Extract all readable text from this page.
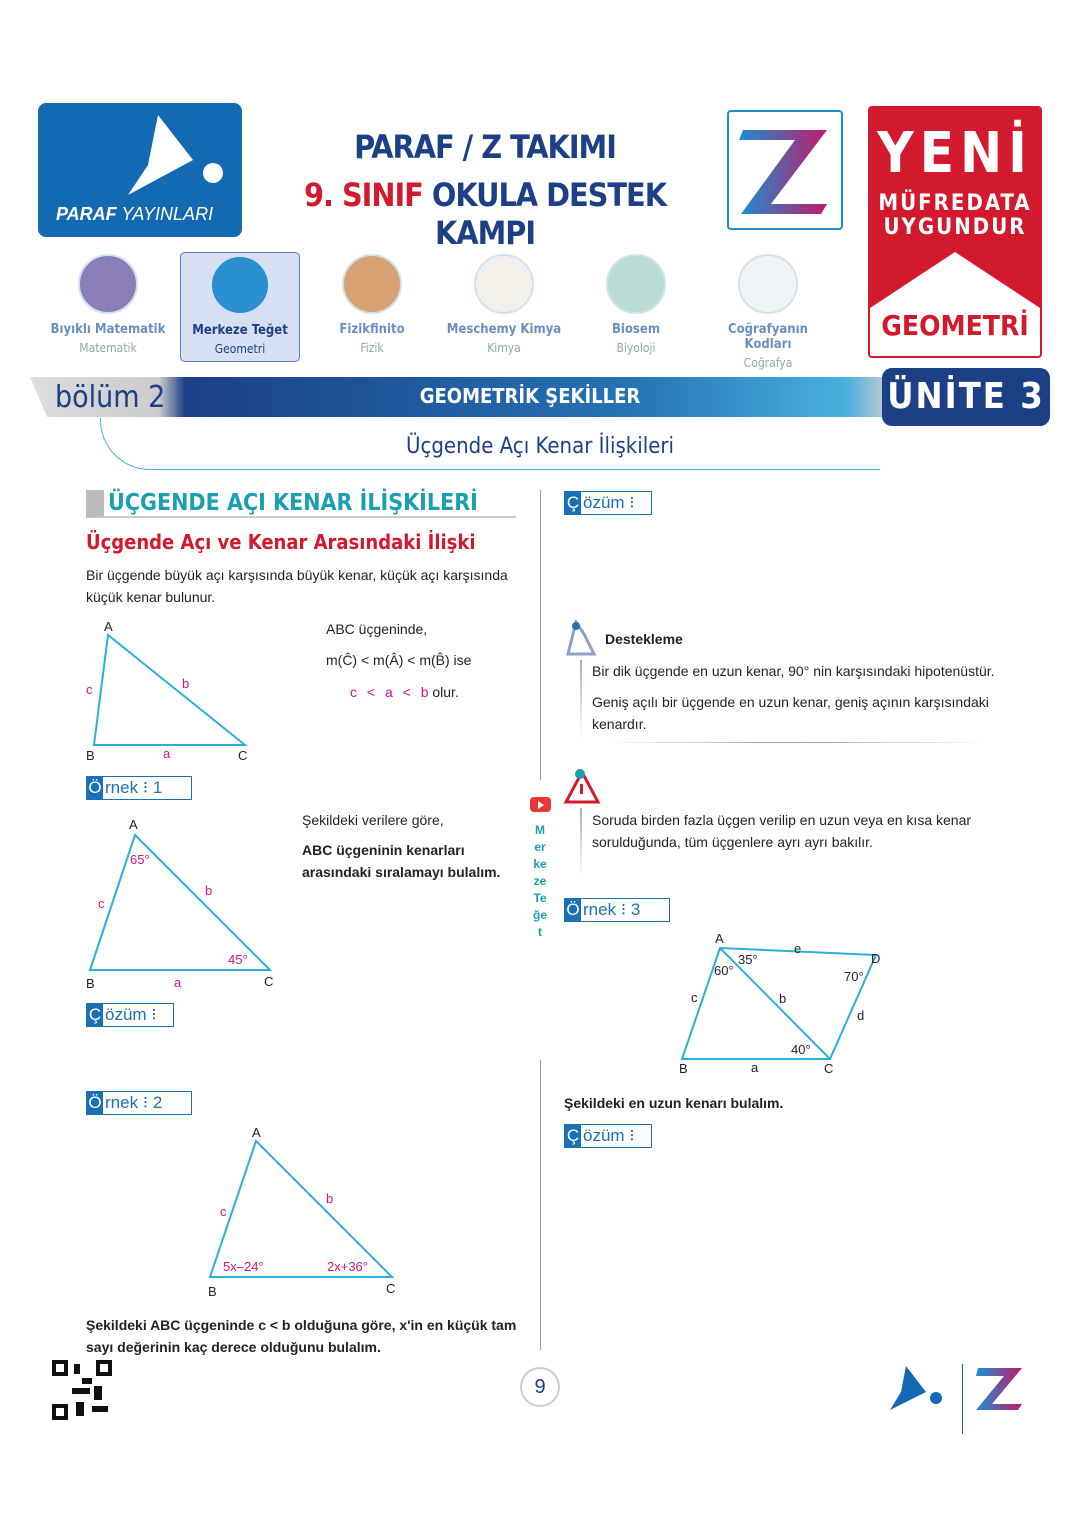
PARAF YAYINLARI
PARAF / Z TAKIMI
9. SINIF OKULA DESTEK KAMPI
YENİ
MÜFREDATA
UYGUNDUR
GEOMETRİ
Bıyıklı Matematik
Matematik
Merkeze Teğet
Geometri
Fizikfinito
Fizik
Meschemy Kimya
Kimya
Biosem
Biyoloji
Coğrafyanın Kodları
Coğrafya
bölüm 2	GEOMETRİK ŞEKİLLER	ÜNİTE 3
Üçgende Açı Kenar İlişkileri
ÜÇGENDE AÇI KENAR İLİŞKİLERİ
Üçgende Açı ve Kenar Arasındaki İlişki
Bir üçgende büyük açı karşısında büyük kenar, küçük açı karşısında küçük kenar bulunur.
A
B	C
a
b
c
ABC üçgeninde,
m(Ĉ) < m(Â) < m(B̂) ise
c < a < b olur.
Ö rnek ⁝ 1
A
65°
45°
B	C
a
b
c
Şekildeki verilere göre,
ABC üçgeninin kenarları arasındaki sıralamayı bulalım.
Ç özüm ⁝
Ö rnek ⁝ 2
A
B	C
b
c
5x–24°	2x+36°
Şekildeki ABC üçgeninde c < b olduğuna göre, x'in en küçük tam sayı değerinin kaç derece olduğunu bulalım.
Merkeze Teğet
Ç özüm ⁝
Destekleme
Bir dik üçgende en uzun kenar, 90° nin karşısındaki hipotenüstür.
Geniş açılı bir üçgende en uzun kenar, geniş açının karşısındaki kenardır.
Soruda birden fazla üçgen verilip en uzun veya en kısa kenar sorulduğunda, tüm üçgenlere ayrı ayrı bakılır.
Ö rnek ⁝ 3
A
B	C
D
a
b
c
d
e
60°
35°
70°
40°
Şekildeki en uzun kenarı bulalım.
Ç özüm ⁝
9
